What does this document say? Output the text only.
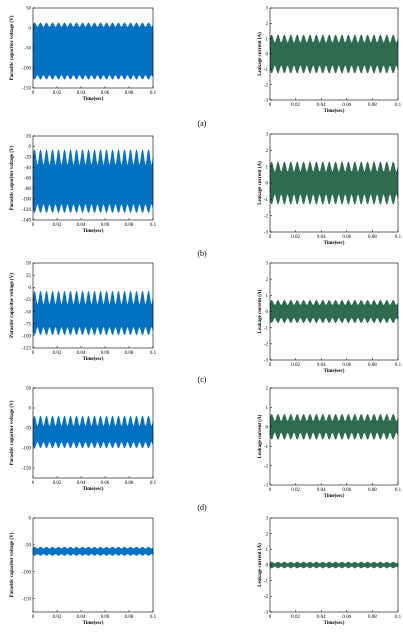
(a)
(b)
(c)
(d)
0	0.02	0.04	0.06	0.08	0.1
50
0
-50
-100
-150
Time(sec)
Parasitic capacitor voltage (V)
0	0.02	0.04	0.06	0.08	0.1
3
2
1
0
-1
-2
-3
Time(sec)
Leakage current (A)
0	0.02	0.04	0.06	0.08	0.1
20
0
-20
-40
-60
-80
-100
-120
-140
Time(sec)
Parasitic capacitor voltage (V)
0	0.02	0.04	0.06	0.08	0.1
3
2
1
0
-1
-2
-3
Time(sec)
Leakage current (A)
0	0.02	0.04	0.06	0.08	0.1
50
25
0
-25
-50
-75
-100
-125
Time(sec)
Parasitic capacitor voltage (V)
0	0.02	0.04	0.06	0.08	0.1
3
2
1
0
-1
-2
-3
Time(sec)
Leakage current (A)
0	0.02	0.04	0.06	0.08	0.1
50
0
-50
-100
-150
Time(sec)
Parasitic capacitor voltage (V)
0	0.02	0.04	0.06	0.08	0.1
2
1
0
-1
-2
-3
Time(sec)
Leakage current (A)
0	0.02	0.04	0.06	0.08	0.1
0
-50
-100
-150
Time(sec)
Parasitic capacitor voltage (V)
0	0.02	0.04	0.06	0.08	0.1
3
2
1
0
-1
-2
-3
Time(sec)
Leakage current (A)
